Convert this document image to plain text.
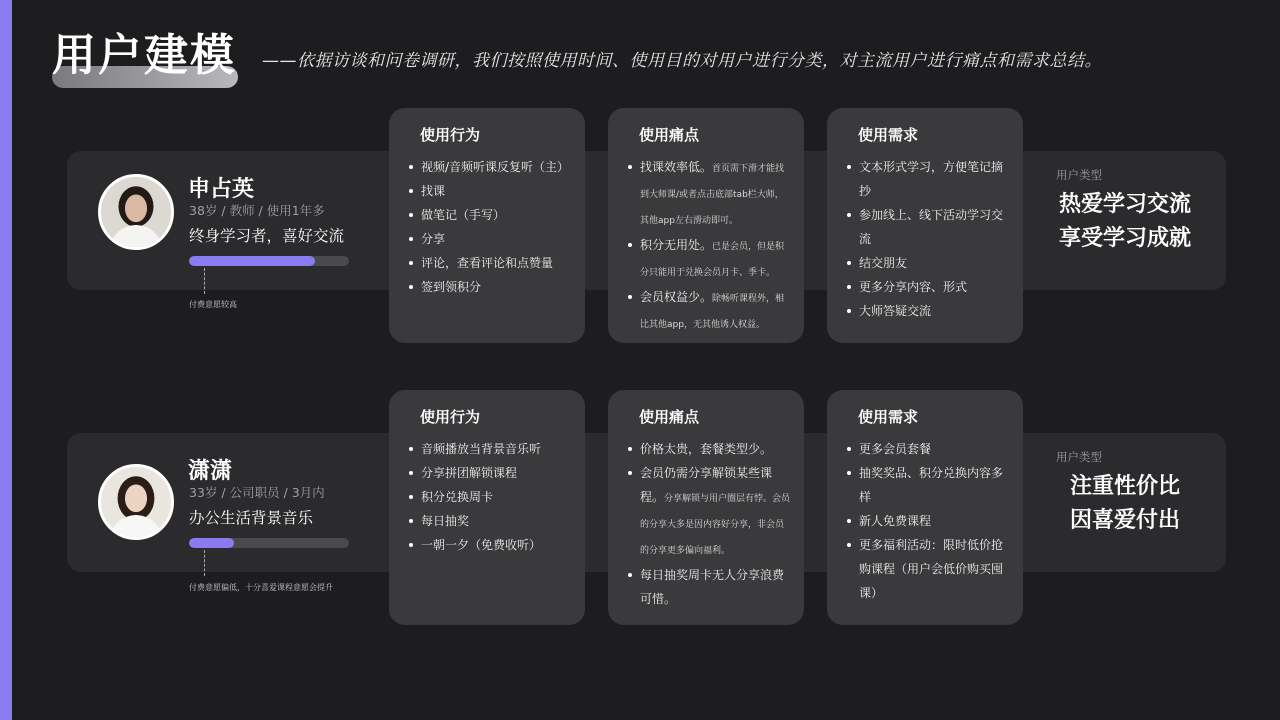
用户建模 ——依据访谈和问卷调研，我们按照使用时间、使用目的对用户进行分类，对主流用户进行痛点和需求总结。
申占英
38岁 / 教师 / 使用1年多
终身学习者，喜好交流
付费意愿较高
使用行为
视频/音频听课反复听（主）
找课
做笔记（手写）
分享
评论，查看评论和点赞量
签到领积分
使用痛点
找课效率低。首页需下滑才能找到大师课/或者点击底部tab栏大师，其他app左右滑动即可。
积分无用处。已是会员，但是积分只能用于兑换会员月卡、季卡。
会员权益少。除畅听课程外，相比其他app，无其他诱人权益。
使用需求
文本形式学习，方便笔记摘抄
参加线上、线下活动学习交流
结交朋友
更多分享内容、形式
大师答疑交流
用户类型
热爱学习交流
享受学习成就
潇潇
33岁 / 公司职员 / 3月内
办公生活背景音乐
付费意愿偏低，十分喜爱课程意愿会提升
使用行为
音频播放当背景音乐听
分享拼团解锁课程
积分兑换周卡
每日抽奖
一朝一夕（免费收听）
使用痛点
价格太贵，套餐类型少。
会员仍需分享解锁某些课程。分享解锁与用户圈层有悖。会员的分享大多是因内容好分享，非会员的分享更多偏向福利。
每日抽奖周卡无人分享浪费可惜。
使用需求
更多会员套餐
抽奖奖品、积分兑换内容多样
新人免费课程
更多福利活动：限时低价抢购课程（用户会低价购买囤课）
用户类型
注重性价比
因喜爱付出
